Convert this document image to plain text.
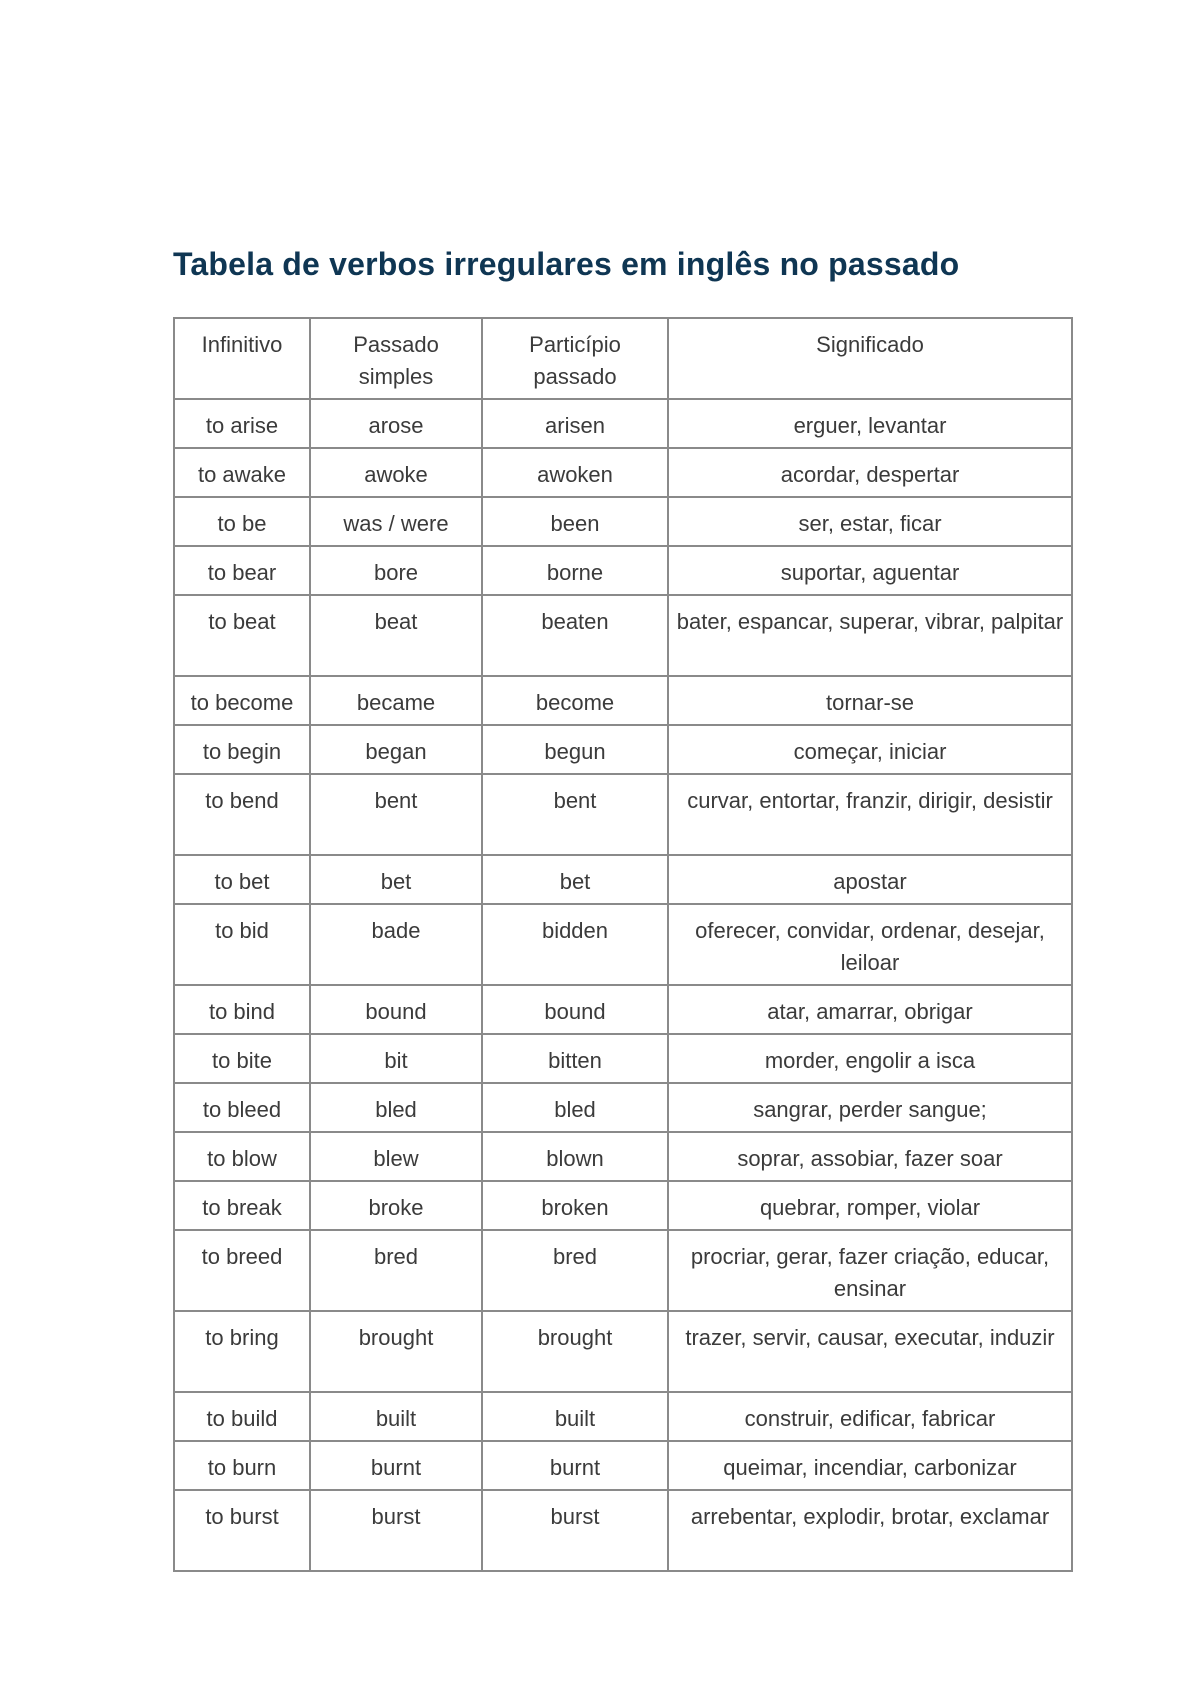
Tabela de verbos irregulares em inglês no passado
Infinitivo	Passado simples	Particípio passado	Significado
to arise	arose	arisen	erguer, levantar
to awake	awoke	awoken	acordar, despertar
to be	was / were	been	ser, estar, ficar
to bear	bore	borne	suportar, aguentar
to beat	beat	beaten	bater, espancar, superar, vibrar, palpitar
to become	became	become	tornar-se
to begin	began	begun	começar, iniciar
to bend	bent	bent	curvar, entortar, franzir, dirigir, desistir
to bet	bet	bet	apostar
to bid	bade	bidden	oferecer, convidar, ordenar, desejar, leiloar
to bind	bound	bound	atar, amarrar, obrigar
to bite	bit	bitten	morder, engolir a isca
to bleed	bled	bled	sangrar, perder sangue;
to blow	blew	blown	soprar, assobiar, fazer soar
to break	broke	broken	quebrar, romper, violar
to breed	bred	bred	procriar, gerar, fazer criação, educar, ensinar
to bring	brought	brought	trazer, servir, causar, executar, induzir
to build	built	built	construir, edificar, fabricar
to burn	burnt	burnt	queimar, incendiar, carbonizar
to burst	burst	burst	arrebentar, explodir, brotar, exclamar
